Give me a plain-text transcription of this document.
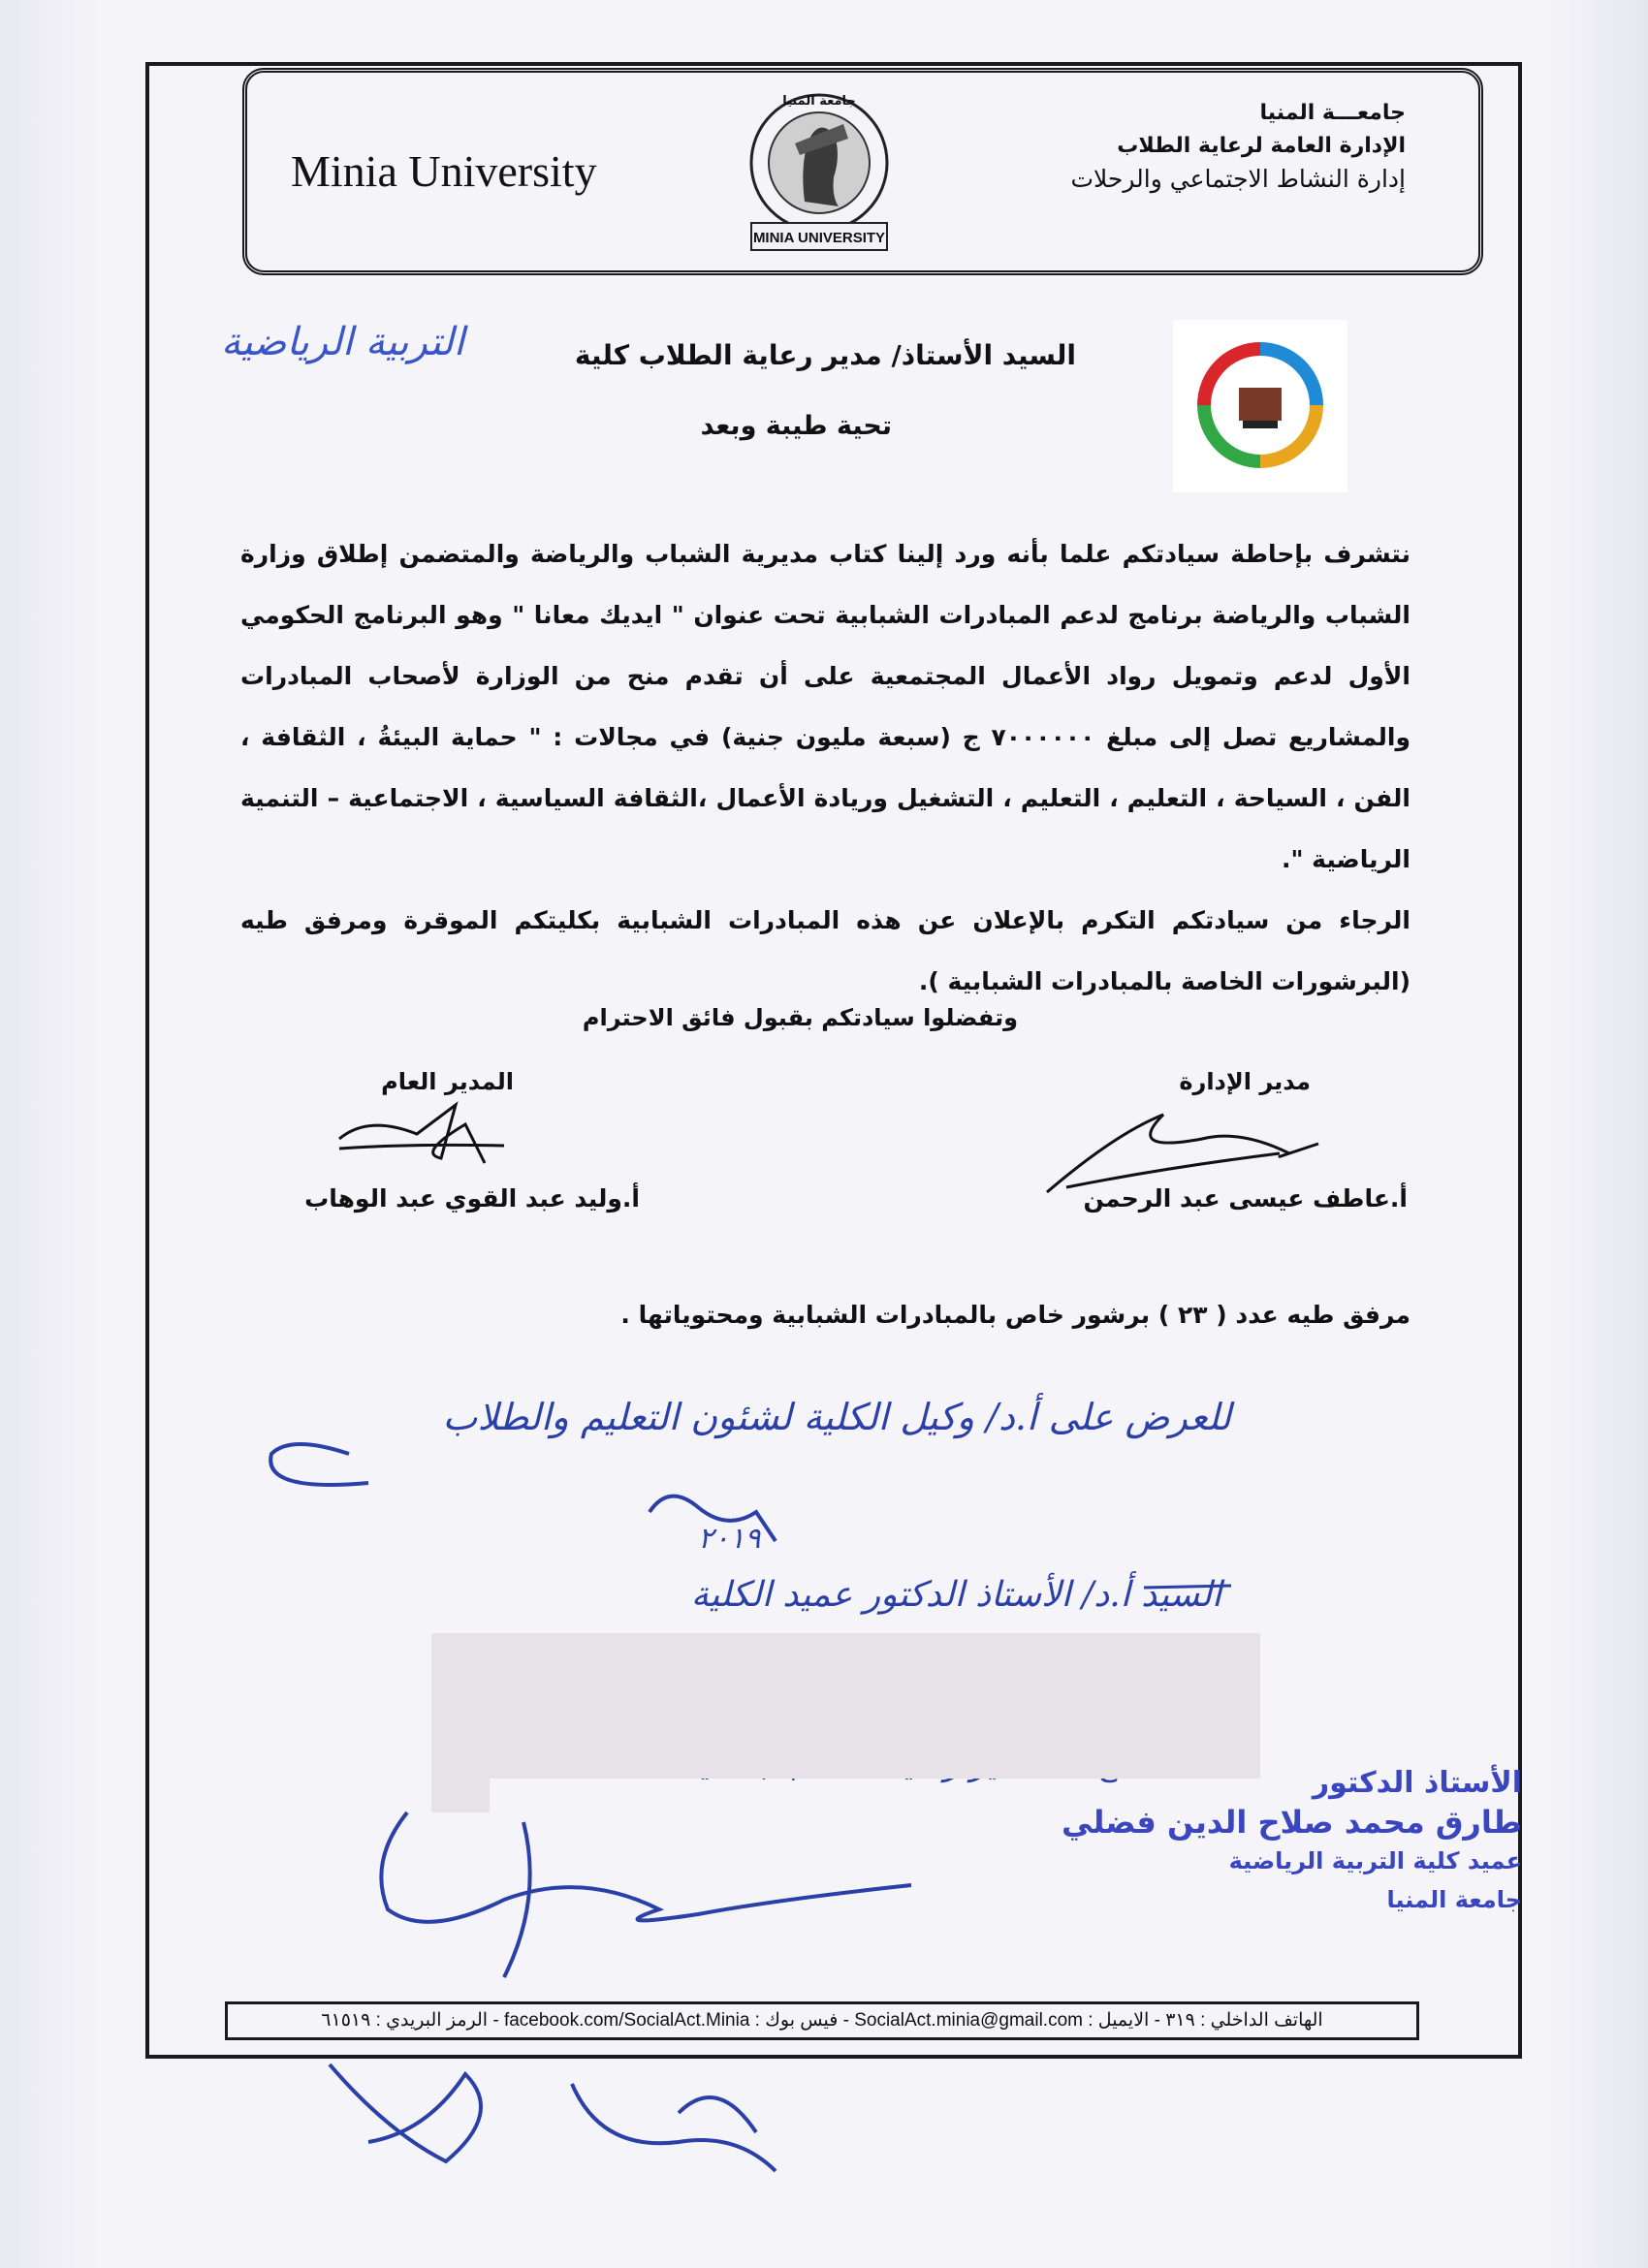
Minia University
MINIA UNIVERSITY
جامعة المنيا	جامعـــة المنيا
الإدارة العامة لرعاية الطلاب
إدارة النشاط الاجتماعي والرحلات
السيد الأستاذ/ مدير رعاية الطلاب كلية
التربية الرياضية
تحية طيبة وبعد

نتشرف بإحاطة سيادتكم علما بأنه ورد إلينا كتاب مديرية الشباب والرياضة والمتضمن إطلاق وزارة الشباب والرياضة برنامج لدعم المبادرات الشبابية تحت عنوان " ايديك معانا " وهو البرنامج الحكومي الأول لدعم وتمويل رواد الأعمال المجتمعية على أن تقدم منح من الوزارة لأصحاب المبادرات والمشاريع تصل إلى مبلغ ٧٠٠٠٠٠٠ ج (سبعة مليون جنية) في مجالات : " حماية البيئةُ ، الثقافة ، الفن ، السياحة ، التعليم ، التعليم ، التشغيل وريادة الأعمال ،الثقافة السياسية ، الاجتماعية – التنمية الرياضية ".

الرجاء من سيادتكم التكرم بالإعلان عن هذه المبادرات الشبابية بكليتكم الموقرة ومرفق طيه (البرشورات الخاصة بالمبادرات الشبابية ).

وتفضلوا سيادتكم بقبول فائق الاحترام
مدير الإدارة
المدير العام
أ.عاطف عيسى عبد الرحمن
أ.وليد عبد القوي عبد الوهاب
مرفق طيه عدد ( ٢٣ ) برشور خاص بالمبادرات الشبابية ومحتوياتها .
للعرض على أ.د/ وكيل الكلية لشئون التعليم والطلاب
٢٠١٩
السيد أ.د/ الأستاذ الدكتور عميد الكلية
الأستاذ الدكتور
طارق محمد صلاح الدين فضلي
عميد كلية التربية الرياضية
جامعة المنيا
الهاتف الداخلي : ٣١٩ - الايميل : SocialAct.minia@gmail.com - فيس بوك : facebook.com/SocialAct.Minia - الرمز البريدي : ٦١٥١٩
